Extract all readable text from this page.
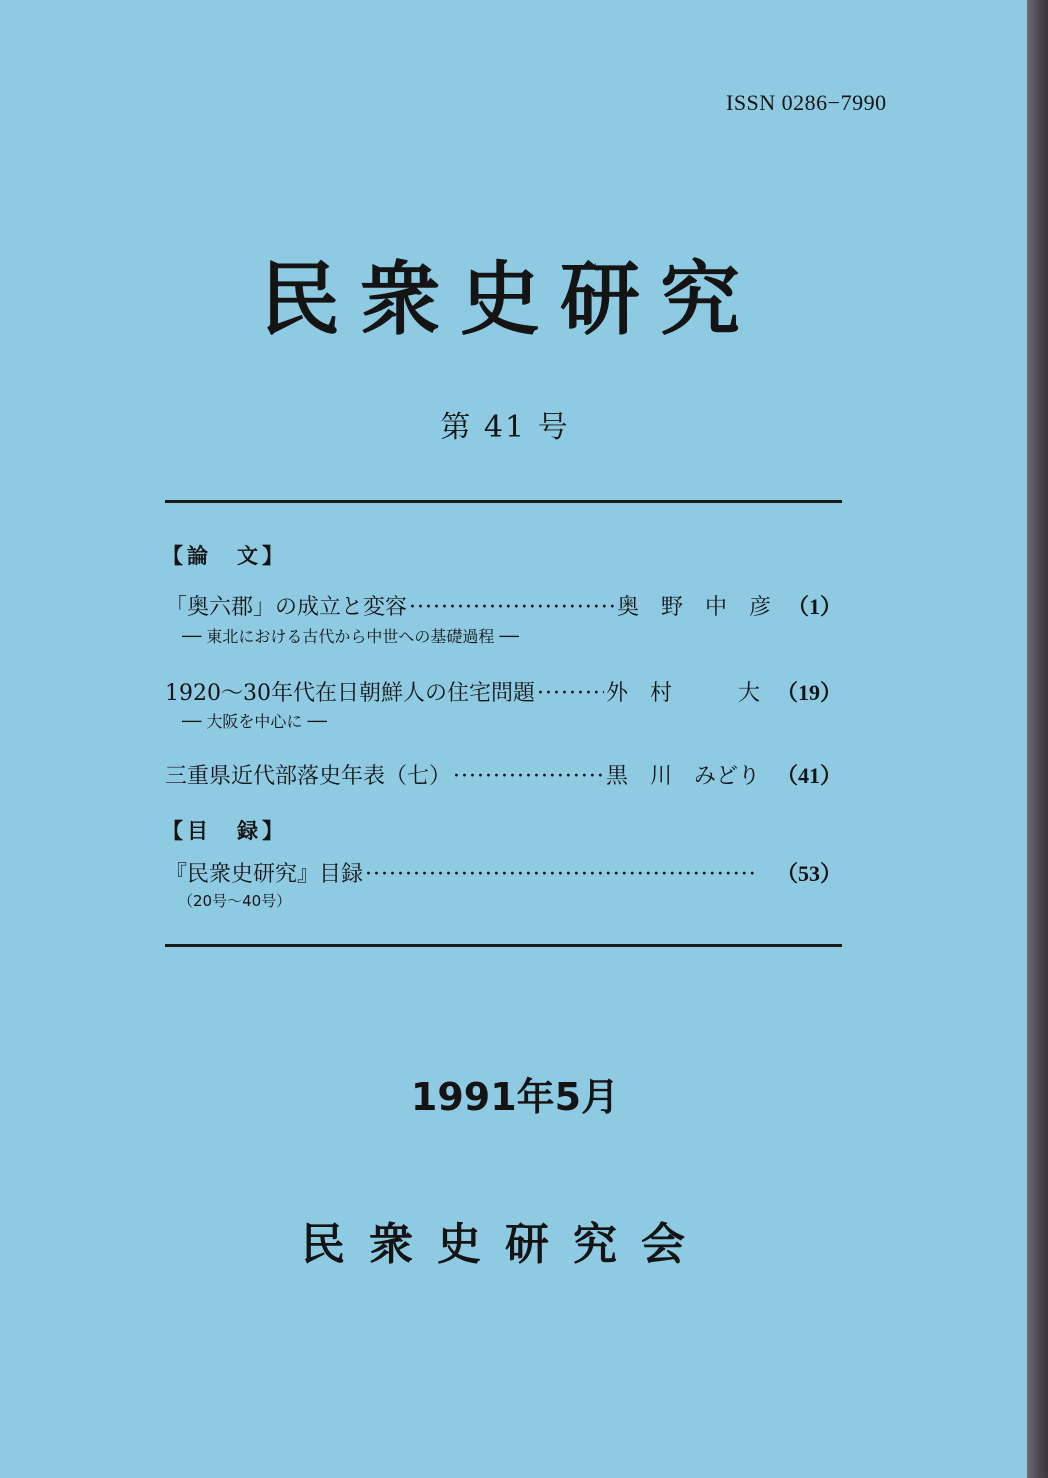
ISSN 0286−7990
民衆史研究
第 41 号
【論　文】
「奥六郡」の成立と変容 ·····	奥　野　中　彦 （1）
── 東北における古代から中世への基礎過程 ──
1920〜30年代在日朝鮮人の住宅問題 ·····	外　村　　　大 （19）
── 大阪を中心に ──
三重県近代部落史年表（七） ·····	黒　川　みどり （41）
【目　録】
『民衆史研究』目録 ·····	（53）
（20号〜40号）
1991年5月
民衆史研究会
